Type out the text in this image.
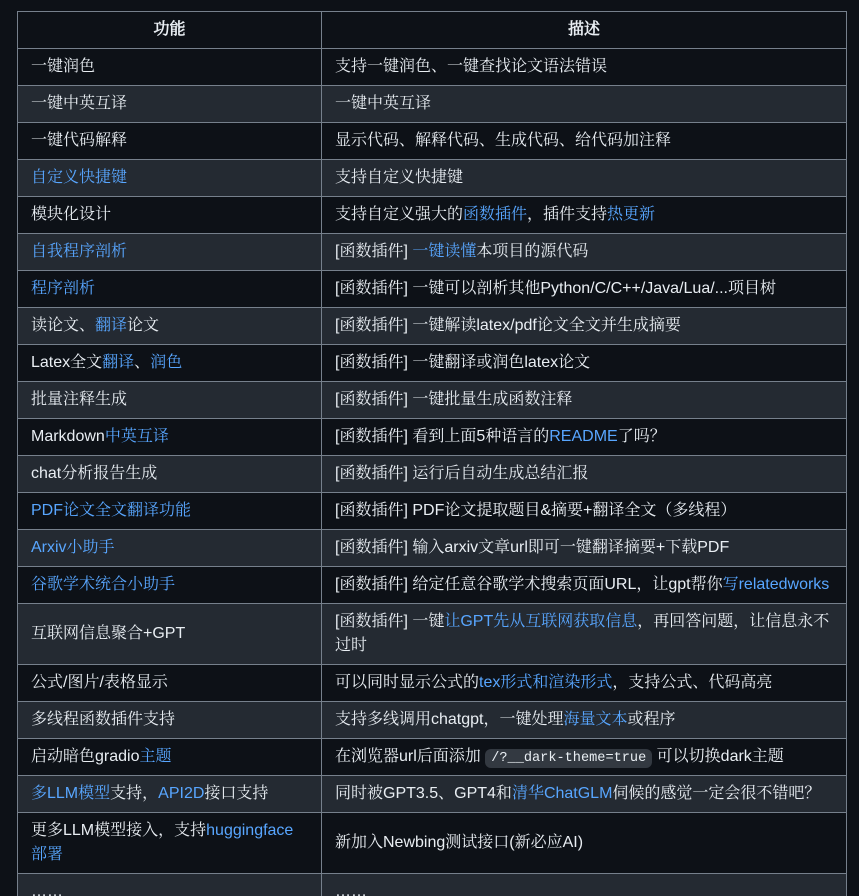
功能	描述
一键润色	支持一键润色、一键查找论文语法错误
一键中英互译	一键中英互译
一键代码解释	显示代码、解释代码、生成代码、给代码加注释
自定义快捷键	支持自定义快捷键
模块化设计	支持自定义强大的函数插件，插件支持热更新
自我程序剖析	[函数插件] 一键读懂本项目的源代码
程序剖析	[函数插件] 一键可以剖析其他Python/C/C++/Java/Lua/...项目树
读论文、翻译论文	[函数插件] 一键解读latex/pdf论文全文并生成摘要
Latex全文翻译、润色	[函数插件] 一键翻译或润色latex论文
批量注释生成	[函数插件] 一键批量生成函数注释
Markdown中英互译	[函数插件] 看到上面5种语言的README了吗？
chat分析报告生成	[函数插件] 运行后自动生成总结汇报
PDF论文全文翻译功能	[函数插件] PDF论文提取题目&摘要+翻译全文（多线程）
Arxiv小助手	[函数插件] 输入arxiv文章url即可一键翻译摘要+下载PDF
谷歌学术统合小助手	[函数插件] 给定任意谷歌学术搜索页面URL，让gpt帮你写relatedworks
互联网信息聚合+GPT	[函数插件] 一键让GPT先从互联网获取信息，再回答问题，让信息永不过时
公式/图片/表格显示	可以同时显示公式的tex形式和渲染形式，支持公式、代码高亮
多线程函数插件支持	支持多线调用chatgpt，一键处理海量文本或程序
启动暗色gradio主题	在浏览器url后面添加 /?__dark-theme=true 可以切换dark主题
多LLM模型支持，API2D接口支持	同时被GPT3.5、GPT4和清华ChatGLM伺候的感觉一定会很不错吧？
更多LLM模型接入，支持huggingface部署	新加入Newbing测试接口(新必应AI)
……	……
